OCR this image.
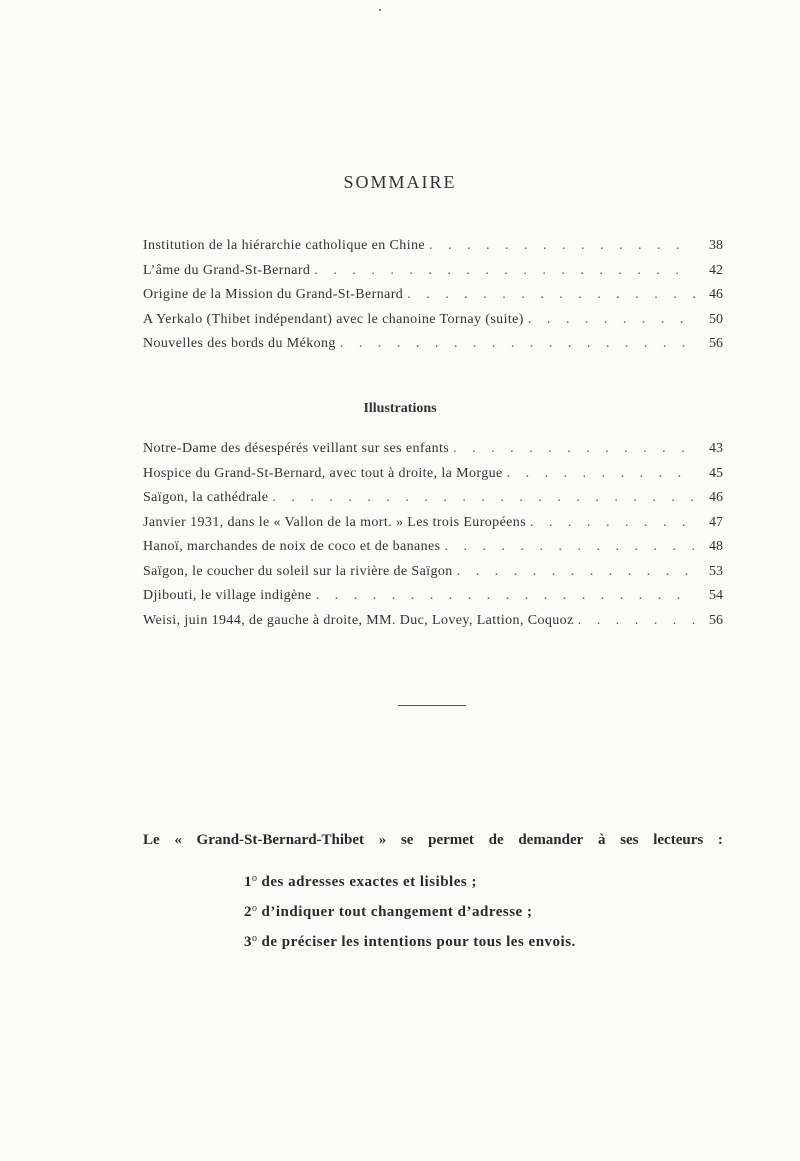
SOMMAIRE
Institution de la hiérarchie catholique en Chine . . .	38
L’âme du Grand-St-Bernard . . .	42
Origine de la Mission du Grand-St-Bernard . . .	46
A Yerkalo (Thibet indépendant) avec le chanoine Tornay (suite) . . .	50
Nouvelles des bords du Mékong . . .	56
Illustrations
Notre-Dame des désespérés veillant sur ses enfants . . .	43
Hospice du Grand-St-Bernard, avec tout à droite, la Morgue . . .	45
Saïgon, la cathédrale . . .	46
Janvier 1931, dans le « Vallon de la mort. » Les trois Européens . . .	47
Hanoï, marchandes de noix de coco et de bananes . . .	48
Saïgon, le coucher du soleil sur la rivière de Saïgon . . .	53
Djibouti, le village indigène . . .	54
Weisi, juin 1944, de gauche à droite, MM. Duc, Lovey, Lattion, Coquoz . . .	56
Le « Grand-St-Bernard-Thibet » se permet de demander à ses lecteurs :
1$^o$ des adresses exactes et lisibles ;
2$^o$ d’indiquer tout changement d’adresse ;
3$^o$ de préciser les intentions pour tous les envois.
